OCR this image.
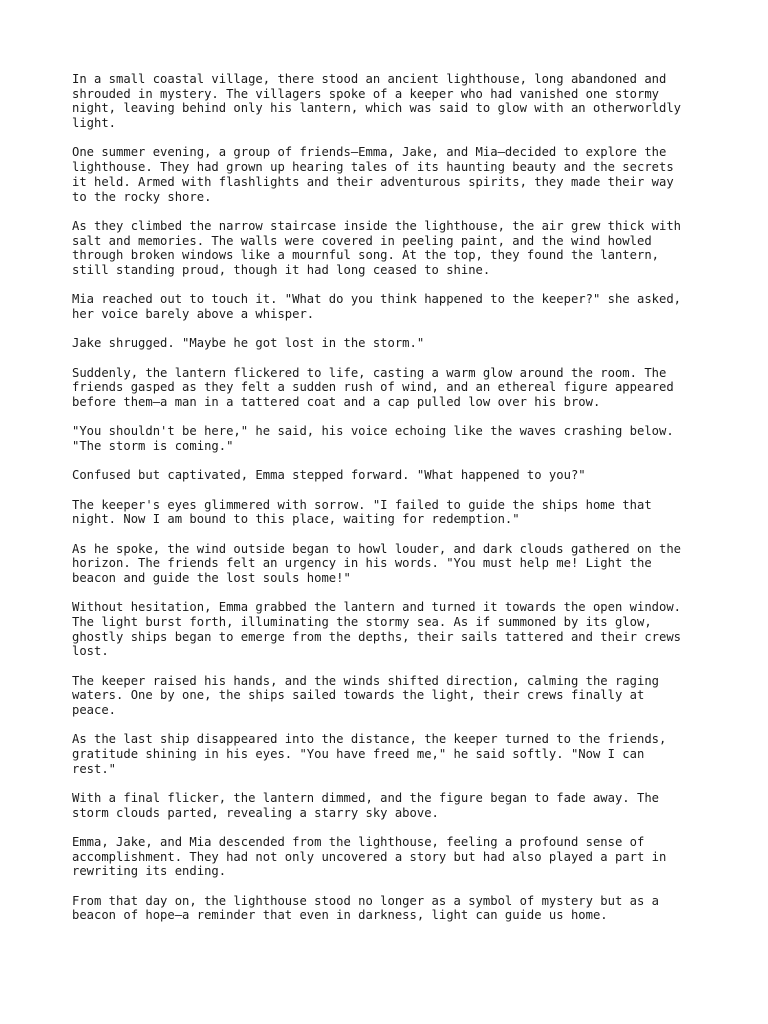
In a small coastal village, there stood an ancient lighthouse, long abandoned and
shrouded in mystery. The villagers spoke of a keeper who had vanished one stormy
night, leaving behind only his lantern, which was said to glow with an otherworldly
light.

One summer evening, a group of friends—Emma, Jake, and Mia—decided to explore the
lighthouse. They had grown up hearing tales of its haunting beauty and the secrets
it held. Armed with flashlights and their adventurous spirits, they made their way
to the rocky shore.

As they climbed the narrow staircase inside the lighthouse, the air grew thick with
salt and memories. The walls were covered in peeling paint, and the wind howled
through broken windows like a mournful song. At the top, they found the lantern,
still standing proud, though it had long ceased to shine.

Mia reached out to touch it. "What do you think happened to the keeper?" she asked,
her voice barely above a whisper.

Jake shrugged. "Maybe he got lost in the storm."

Suddenly, the lantern flickered to life, casting a warm glow around the room. The
friends gasped as they felt a sudden rush of wind, and an ethereal figure appeared
before them—a man in a tattered coat and a cap pulled low over his brow.

"You shouldn't be here," he said, his voice echoing like the waves crashing below.
"The storm is coming."

Confused but captivated, Emma stepped forward. "What happened to you?"

The keeper's eyes glimmered with sorrow. "I failed to guide the ships home that
night. Now I am bound to this place, waiting for redemption."

As he spoke, the wind outside began to howl louder, and dark clouds gathered on the
horizon. The friends felt an urgency in his words. "You must help me! Light the
beacon and guide the lost souls home!"

Without hesitation, Emma grabbed the lantern and turned it towards the open window.
The light burst forth, illuminating the stormy sea. As if summoned by its glow,
ghostly ships began to emerge from the depths, their sails tattered and their crews
lost.

The keeper raised his hands, and the winds shifted direction, calming the raging
waters. One by one, the ships sailed towards the light, their crews finally at
peace.

As the last ship disappeared into the distance, the keeper turned to the friends,
gratitude shining in his eyes. "You have freed me," he said softly. "Now I can
rest."

With a final flicker, the lantern dimmed, and the figure began to fade away. The
storm clouds parted, revealing a starry sky above.

Emma, Jake, and Mia descended from the lighthouse, feeling a profound sense of
accomplishment. They had not only uncovered a story but had also played a part in
rewriting its ending.

From that day on, the lighthouse stood no longer as a symbol of mystery but as a
beacon of hope—a reminder that even in darkness, light can guide us home.
